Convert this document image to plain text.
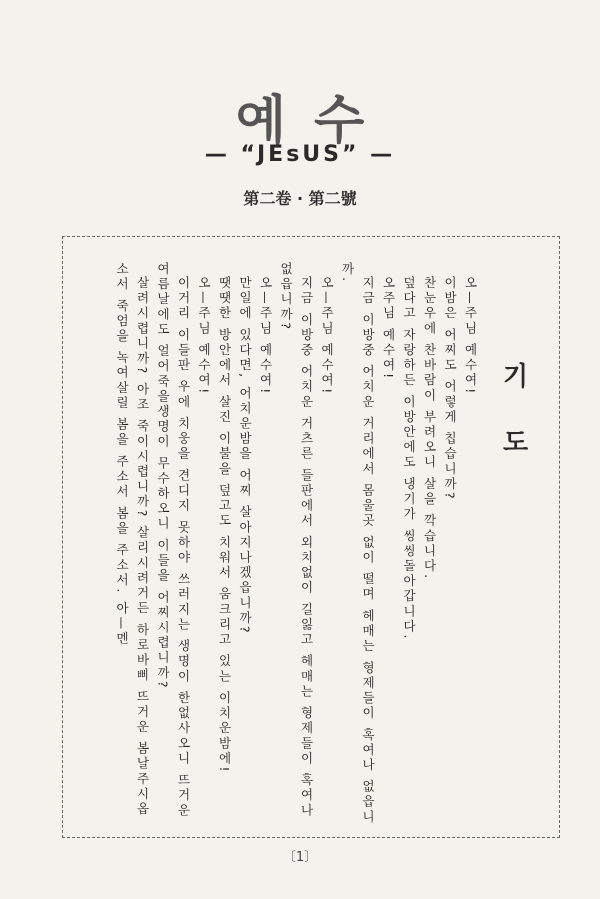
예수
— “JEsUS” —
第二卷 · 第二號
기도

오—주님 예수여!

이밤은 어찌도 어렇게 칩습니까?

찬눈우에 찬바람이 부려오니 살을 깍습니다.

덮다고 자랑하든 이방안에도 냉기가 씽씽돌아갑니다.

오주님 예수여!

지금 이방중 어치운 거리에서 몸울곳 없이 떨며 헤매는 형제들이 혹여나 없읍니까.

오—주님 예수여!

지금 이방중 어치운 거츠른 들판에서 외치없이 길잃고 헤매는 형제들이 혹여나 없읍니까?

오—주님 예수여!

만일에 있다면, 어치운밤을 어찌 살아지나겠읍니까?

땟땟한 방안에서 살진 이불을 덮고도 치워서 움크리고 있는 이치운밤에!

오—주님 예수여!

이거리 이들판 우에 치웅을 견디지 못하야 쓰러지는 생명이 한없사오니 뜨거운여름날에도 얼어죽을생명이 무수하오니 이들을 어찌시렵니까?

살려시렵니까? 아조 죽이시렵니까? 살리시려거든 하로바삐 뜨거운 봄날주시옵소서 죽엄을 녹여살릴 봄을 주소서 봄을 주소서. 아—멘

〔1〕
